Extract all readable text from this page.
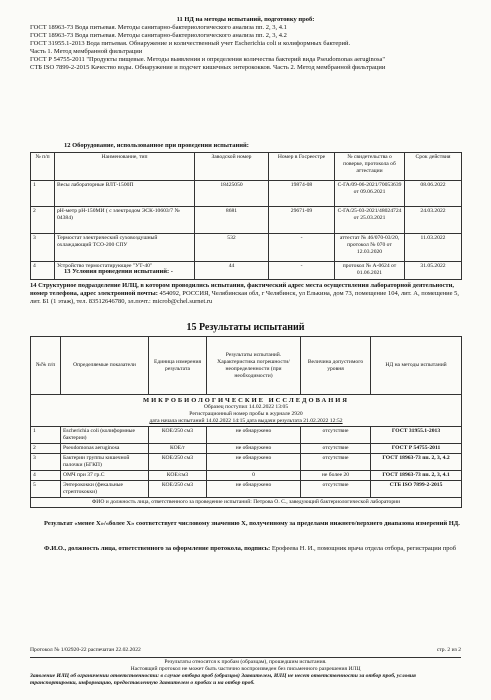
11 НД на методы испытаний, подготовку проб:
ГОСТ 18963-73 Вода питьевая. Методы санитарно-бактериологического анализа пп. 2, 3, 4.1
ГОСТ 18963-73 Вода питьевая. Методы санитарно-бактериологического анализа пп. 2, 3, 4.2
ГОСТ 31955.1-2013 Вода питьевая. Обнаружение и количественный учет Escherichia coli и колиформных бактерий.
Часть 1. Метод мембранной фильтрации
ГОСТ Р 54755-2011 "Продукты пищевые. Методы выявления и определения количества бактерий вида Pseudomonas aeruginosa"
СТБ ISO 7899-2-2015 Качество воды. Обнаружение и подсчет кишечных энтерококков. Часть 2. Метод мембранной фильтрации
12 Оборудование, использованное при проведении испытаний:
№ п/п	Наименование, тип	Заводской номер	Номер в Госреестре	№ свидетельства о поверке, протокола об аттестации	Срок действия
1	Весы лабораторные ВЛТ-1500П	18425050	19874-08	С-ГА/09-06-2021/70053639 от 09.06.2021	08.06.2022
2	pH-метр pH-150МИ ( с электродом ЭСК-10603/7 № 04384)	8681	29671-09	С-ГА/25-03-2021/48024724 от 25.03.2021	24.03.2022
3	Термостат электрический суховоздушный охлаждающий ТСО-200 СПУ	532	-	аттестат № 46/070-03/20, протокол № 070 от 12.03.2020	11.03.2022
4	Устройство термостатирующее "УТ-40"	44	-	протокол № А-0624 от 01.06.2021	31.05.2022
13 Условия проведения испытаний: -
14 Структурное подразделение ИЛЦ, в котором проводились испытания, фактический адрес места осуществления лабораторной деятельности, номер телефона, адрес электронной почты: 454092, РОССИЯ, Челябинская обл, г Челябинск, ул Елькина, дом 73, помещение 104, лит. А, помещение 5, лит. Б1 (1 этаж), тел. 83512646780, эл.почт.: microb@chel.surnet.ru
15 Результаты испытаний
№№ п/п	Определяемые показатели	Единица измерения результата	Результаты испытаний. Характеристика погрешности/ неопределенности (при необходимости)	Величина допустимого уровня	НД на методы испытаний

МИКРОБИОЛОГИЧЕСКИЕ ИССЛЕДОВАНИЯ
Образец поступил 14.02.2022 13:05
Регистрационный номер пробы в журнале 2920
дата начала испытаний 14.02.2022 14:15 дата выдачи результата 21.02.2022 12:52					

1	Escherichia coli (колиформные бактерии)	КОЕ/250 см3	не обнаружено	отсутствие	ГОСТ 31955.1-2013
2	Pseudomonas aeruginosa	КОЕ/г	не обнаружено	отсутствие	ГОСТ Р 54755-2011
3	Бактерии группы кишечной палочки (БГКП)	КОЕ/250 см3	не обнаружено	отсутствие	ГОСТ 18963-73 пп. 2, 3, 4.2
4	ОМЧ при 37 гр.С	КОЕ/см3	0	не более 20	ГОСТ 18963-73 пп. 2, 3, 4.1
5	Энтерококки (фекальные стрептококки)	КОЕ/250 см3	не обнаружено	отсутствие	СТБ ISO 7899-2-2015
ФИО и должность лица, ответственного за проведение испытаний: Петрова О. С., заведующий бактериологической лаборатории					
Результат «менее X»/«более X» соответствует числовому значению X, полученному за пределами нижнего/верхнего диапазона измерений НД.
Ф.И.О., должность лица, ответственного за оформление протокола, подпись: Ерофеева Н. И., помощник врача отдела отбора, регистрации проб
Протокол № 1/02920-22 распечатан 22.02.2022	стр. 2 из 2
Результаты относятся к пробам (образцам), прошедшим испытания.
Настоящий протокол не может быть частично воспроизведен без письменного разрешения ИЛЦ
Заявление ИЛЦ об ограничении ответственности: в случае отбора проб (образцов) Заявителем, ИЛЦ не несет ответственности за отбор проб, условия транспортировки, информацию, предоставленную Заявителем о пробах и на отбор проб.
